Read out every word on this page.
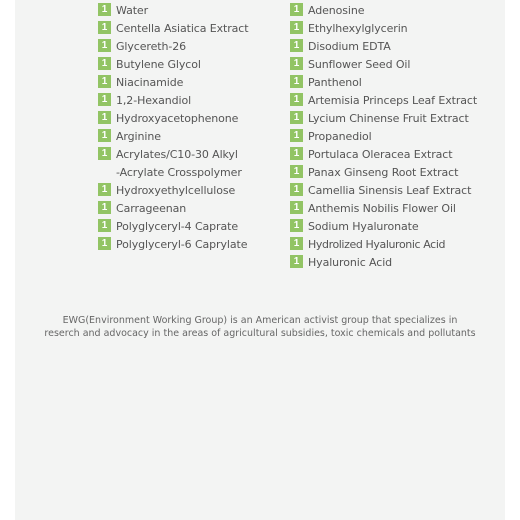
1 Water
1 Centella Asiatica Extract
1 Glycereth-26
1 Butylene Glycol
1 Niacinamide
1 1,2-Hexandiol
1 Hydroxyacetophenone
1 Arginine
1 Acrylates/C10-30 Alkyl
-Acrylate Crosspolymer
1 Hydroxyethylcellulose
1 Carrageenan
1 Polyglyceryl-4 Caprate
1 Polyglyceryl-6 Caprylate
1 Adenosine
1 Ethylhexylglycerin
1 Disodium EDTA
1 Sunflower Seed Oil
1 Panthenol
1 Artemisia Princeps Leaf Extract
1 Lycium Chinense Fruit Extract
1 Propanediol
1 Portulaca Oleracea Extract
1 Panax Ginseng Root Extract
1 Camellia Sinensis Leaf Extract
1 Anthemis Nobilis Flower Oil
1 Sodium Hyaluronate
1 Hydrolized Hyaluronic Acid
1 Hyaluronic Acid
EWG(Environment Working Group) is an American activist group that specializes in
reserch and advocacy in the areas of agricultural subsidies, toxic chemicals and pollutants
